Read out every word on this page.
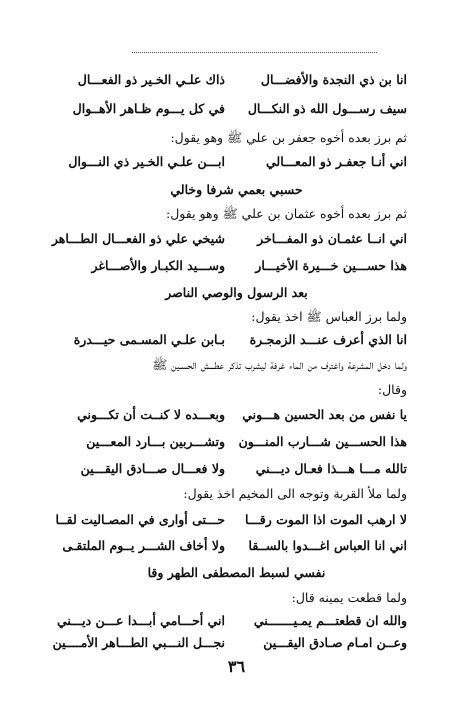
انا بن ذي النجدة والأفضـــال
ذاك علـي الخـير ذو الفعـــال
سيف رســـول الله ذو النكـــال
في كل يـــوم ظـاهر الأهــوال
ثم برز بعده أخوه جعفر بن علي ﷺ وهو يقول:
اني أنـا جعفـر ذو المعـــالي
ابـــن علـي الخـير ذي النـــوال
حسبي بعمي شرفا وخالي
ثم برز بعده أخوه عثمان بن علي ﷺ وهو يقول:
اني انــا عثمـان ذو المفـــاخر
شيخي علي ذو الفعـــال الطـــاهر
هذا حســـين خـــيرة الأخيـــار
وســـيد الكبـار والأصـــاغر
بعد الرسول والوصي الناصر
ولما برز العباس ﷺ اخذ يقول:
انا الذي أعرف عنـــد الزمجـرة
بـابن علـي المسـمى حيـــدرة
ولما دخل المشرعة واغترف من الماء غرفة ليشرب تذكر عطـــش الحسـين ﷺ
وقال:
يا نفس من بعد الحسين هـــوني
وبعـــده لا كنــت أن تكـــوني
هذا الحســـين شـــارب المنـــون
وتشـــربين بـــارد المعـــين
تالله مـــا هـــذا فعـال ديـــني
ولا فعـــال صـــادق اليقـــين
ولما ملأ القربة وتوجه الى المخيم اخذ يقول:
لا ارهب الموت اذا الموت رقـــا
حـــتى أوارى في المصـاليت لقــا
اني انا العباس اغـــدوا بالســقا
ولا أخاف الشـــر يــوم الملتقـى
نفسي لسبط المصطفى الطهر وقا
ولما قطعت يمينه قال:
والله ان قطعتـــم يمـيـــــــني
اني أحـــامي أبـــدا عـــن ديـــني
وعــن امـام صـادق اليقـــين
نجـــل النـــبي الطـــاهر الأمــــين
٣٦
